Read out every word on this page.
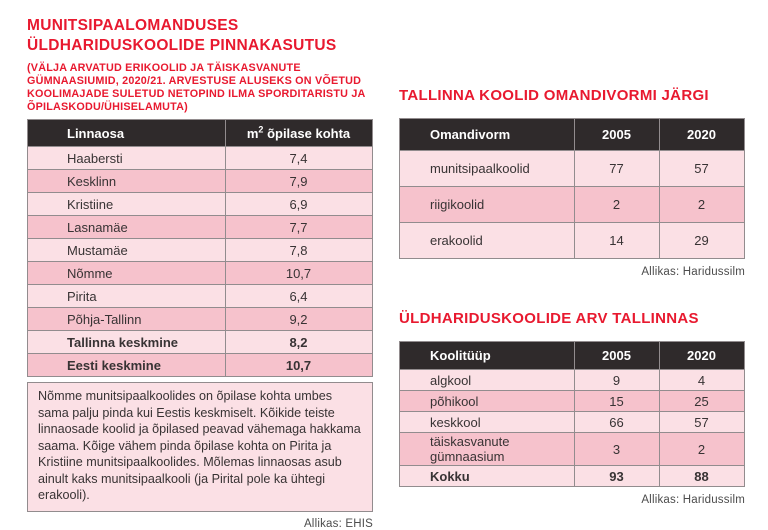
MUNITSIPAALOMANDUSES
ÜLDHARIDUSKOOLIDE PINNAKASUTUS

(VÄLJA ARVATUD ERIKOOLID JA TÄISKASVANUTE GÜMNAASIUMID, 2020/21. ARVESTUSE ALUSEKS ON VÕETUD KOOLIMAJADE SULETUD NETOPIND ILMA SPORDITARISTU JA ÕPILASKODU/ÜHISELAMUTA)

Linnaosa	$m^2$ õpilase kohta
Haabersti	7,4
Kesklinn	7,9
Kristiine	6,9
Lasnamäe	7,7
Mustamäe	7,8
Nõmme	10,7
Pirita	6,4
Põhja-Tallinn	9,2
Tallinna keskmine	8,2
Eesti keskmine	10,7
Nõmme munitsipaalkoolides on õpilase kohta umbes sama palju pinda kui Eestis keskmiselt. Kõikide teiste linnaosade koolid ja õpilased peavad vähemaga hakkama saama. Kõige vähem pinda õpilase kohta on Pirita ja Kristiine munitsipaalkoolides. Mõlemas linnaosas asub ainult kaks munitsipaalkooli (ja Pirital pole ka ühtegi erakooli).
Allikas: EHIS
TALLINNA KOOLID OMANDIVORMI JÄRGI
Omandivorm	2005	2020
munitsipaalkoolid	77	57
riigikoolid	2	2
erakoolid	14	29
Allikas: Haridussilm
ÜLDHARIDUSKOOLIDE ARV TALLINNAS
Koolitüüp	2005	2020
algkool	9	4
põhikool	15	25
keskkool	66	57
täiskasvanute gümnaasium	3	2
Kokku	93	88
Allikas: Haridussilm
